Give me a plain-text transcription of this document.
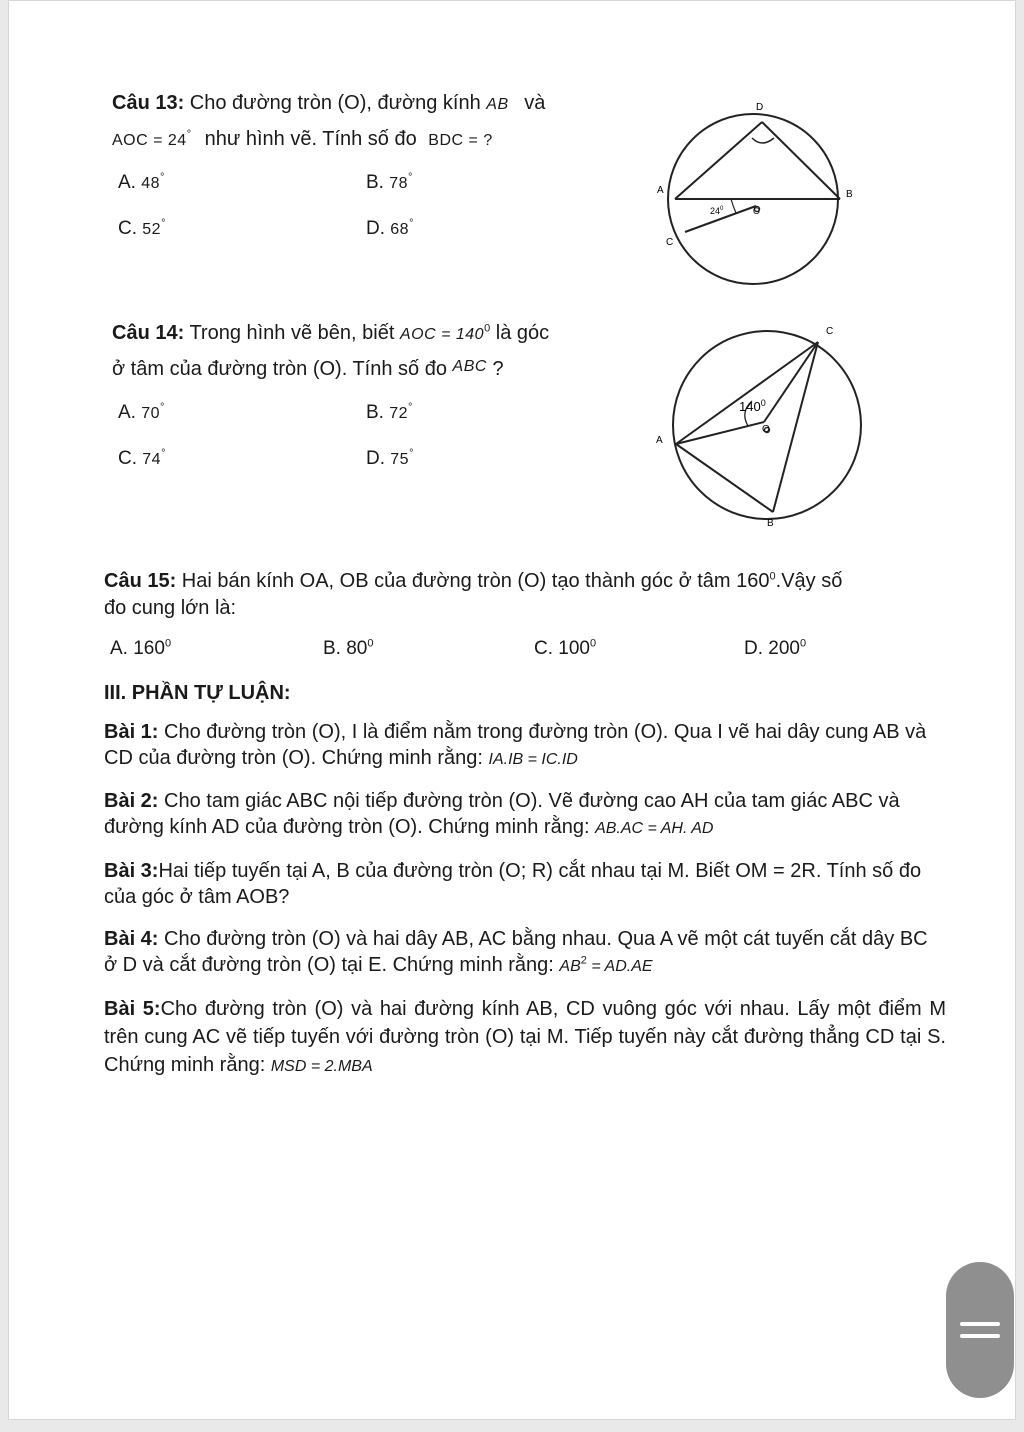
Câu 13: Cho đường tròn (O), đường kính AB và
AOC = 24° như hình vẽ. Tính số đo BDC = ?
A. 48°	B. 78°
C. 52°	D. 68°
D
A	B
C
O
$24^0$
Câu 14: Trong hình vẽ bên, biết AOC = $140^0$ là góc
ở tâm của đường tròn (O). Tính số đo $^{ABC}$ ?
A. 70°	B. 72°
C. 74°	D. 75°
C
A
B
O
$140^0$
Câu 15: Hai bán kính OA, OB của đường tròn (O) tạo thành góc ở tâm $160^0.Vậy$ số
đo cung lớn là:
A. $160^0$	B. $80^0$	C. $100^0$	D. $200^0$
III. PHẦN TỰ LUẬN:
Bài 1: Cho đường tròn (O), I là điểm nằm trong đường tròn (O). Qua I vẽ hai dây cung AB và CD của đường tròn (O). Chứng minh rằng: IA.IB = IC.ID
Bài 2: Cho tam giác ABC nội tiếp đường tròn (O). Vẽ đường cao AH của tam giác ABC và đường kính AD của đường tròn (O). Chứng minh rằng: AB.AC = AH. AD
Bài 3:Hai tiếp tuyến tại A, B của đường tròn (O; R) cắt nhau tại M. Biết OM = 2R. Tính số đo của góc ở tâm AOB?
Bài 4: Cho đường tròn (O) và hai dây AB, AC bằng nhau. Qua A vẽ một cát tuyến cắt dây BC ở D và cắt đường tròn (O) tại E. Chứng minh rằng: $AB^2 = AD.AE$
Bài 5:Cho đường tròn (O) và hai đường kính AB, CD vuông góc với nhau. Lấy một điểm M trên cung AC vẽ tiếp tuyến với đường tròn (O) tại M. Tiếp tuyến này cắt đường thẳng CD tại S. Chứng minh rằng: MSD = 2.MBA
